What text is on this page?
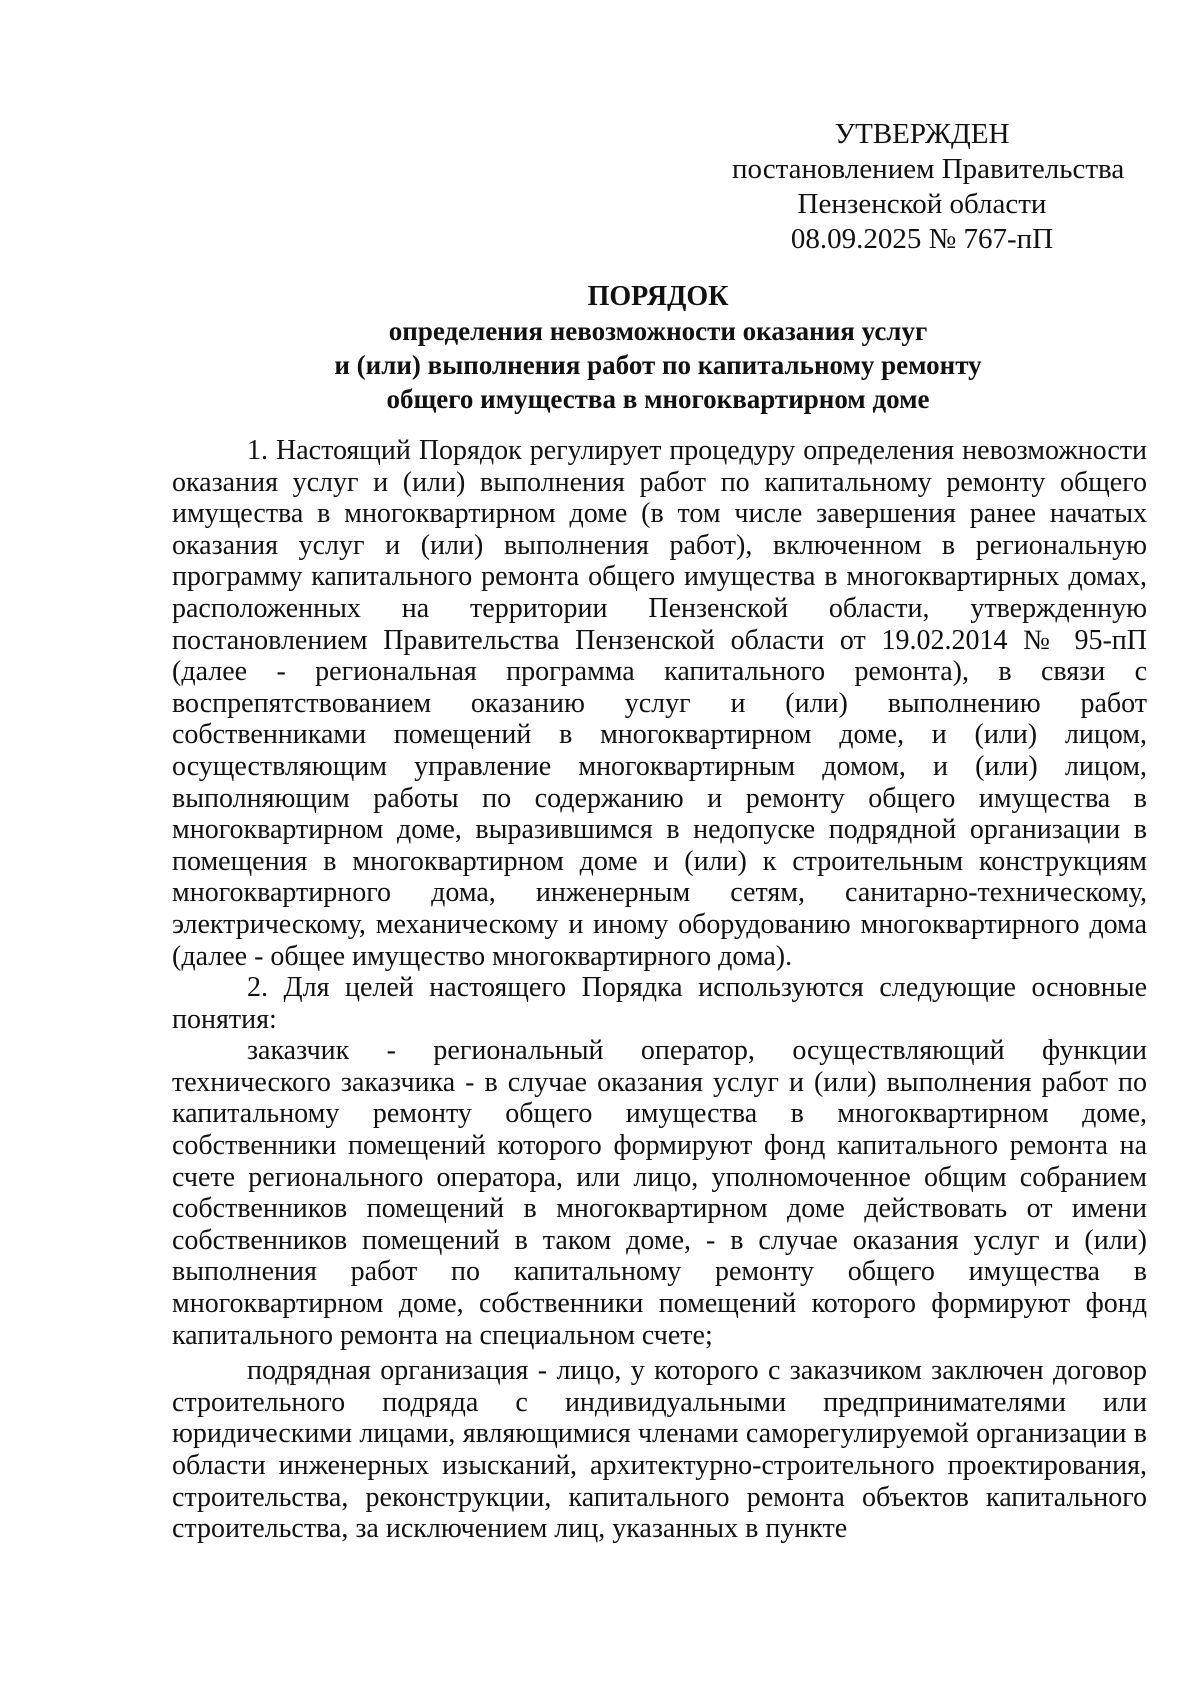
УТВЕРЖДЕН
постановлением Правительства
Пензенской области
08.09.2025 № 767-пП
ПОРЯДОК
определения невозможности оказания услуг
и (или) выполнения работ по капитальному ремонту
общего имущества в многоквартирном доме

1. Настоящий Порядок регулирует процедуру определения невозможности оказания услуг и (или) выполнения работ по капитальному ремонту общего имущества в многоквартирном доме (в том числе завершения ранее начатых оказания услуг и (или) выполнения работ), включенном в региональную программу капитального ремонта общего имущества в многоквартирных домах, расположенных на территории Пензенской области, утвержденную постановлением Правительства Пензенской области от 19.02.2014 № 95-пП (далее - региональная программа капитального ремонта), в связи с воспрепятствованием оказанию услуг и (или) выполнению работ собственниками помещений в многоквартирном доме, и (или) лицом, осуществляющим управление многоквартирным домом, и (или) лицом, выполняющим работы по содержанию и ремонту общего имущества в многоквартирном доме, выразившимся в недопуске подрядной организации в помещения в многоквартирном доме и (или) к строительным конструкциям многоквартирного дома, инженерным сетям, санитарно-техническому, электрическому, механическому и иному оборудованию многоквартирного дома (далее - общее имущество многоквартирного дома).

2. Для целей настоящего Порядка используются следующие основные понятия:

заказчик - региональный оператор, осуществляющий функции технического заказчика - в случае оказания услуг и (или) выполнения работ по капитальному ремонту общего имущества в многоквартирном доме, собственники помещений которого формируют фонд капитального ремонта на счете регионального оператора, или лицо, уполномоченное общим собранием собственников помещений в многоквартирном доме действовать от имени собственников помещений в таком доме, - в случае оказания услуг и (или) выполнения работ по капитальному ремонту общего имущества в многоквартирном доме, собственники помещений которого формируют фонд капитального ремонта на специальном счете;

подрядная организация - лицо, у которого с заказчиком заключен договор строительного подряда с индивидуальными предпринимателями или юридическими лицами, являющимися членами саморегулируемой организации в области инженерных изысканий, архитектурно-строительного проектирования, строительства, реконструкции, капитального ремонта объектов капитального строительства, за исключением лиц, указанных в пункте
